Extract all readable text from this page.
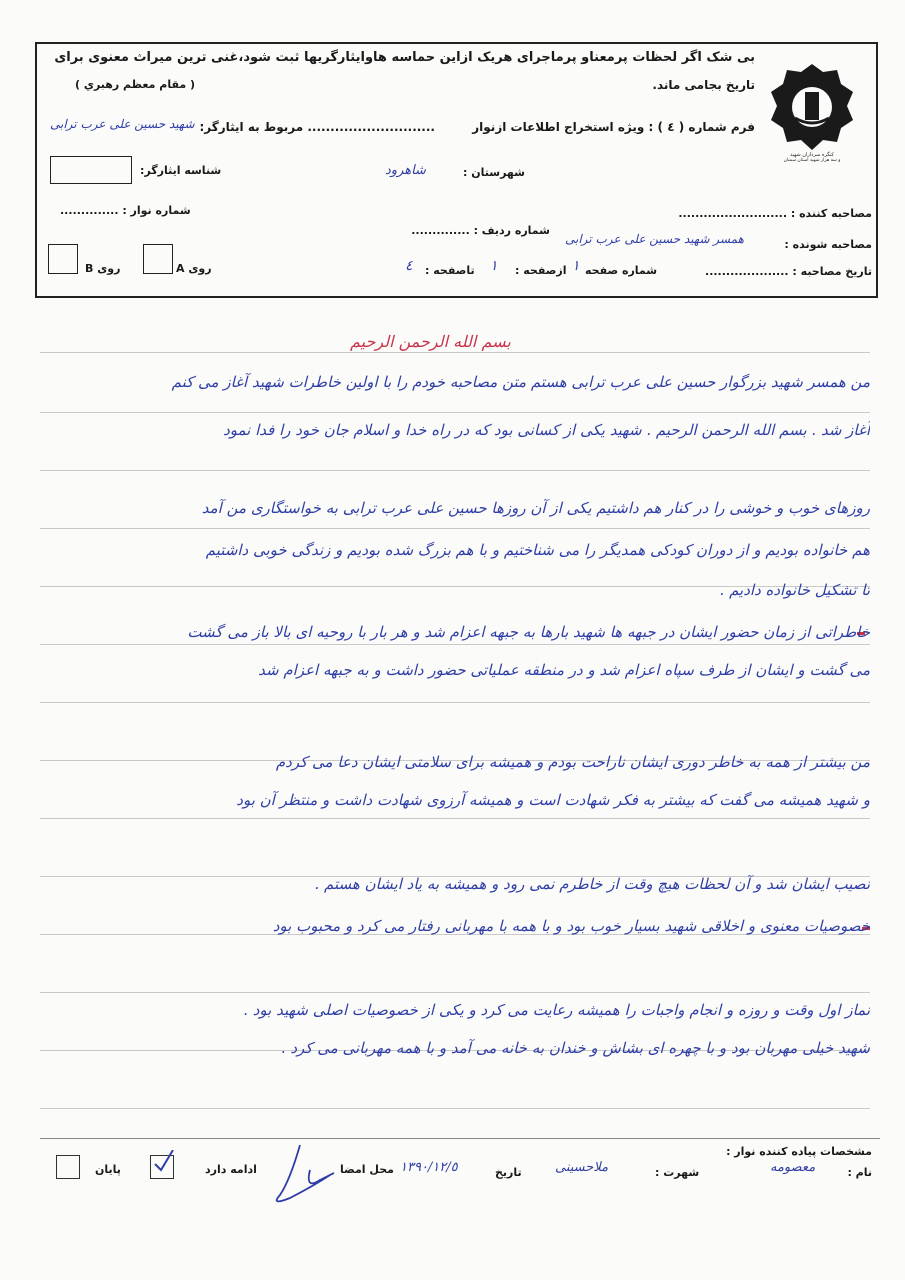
بی شک اگر لحظات پرمعناو پرماجرای هریک ازاین حماسه هاوایثارگریها ثبت شود،غنی ترین میراث معنوی برای
تاریخ بجامی ماند.
( مقام معظم رهبري )
کنگره سرداران شهید
و سه هزار شهید استان سمنان
فرم شماره ( ٤ ) : ویژه استخراج اطلاعات ازنوار
............................ مربوط به ایثارگر:
شهید حسین علی عرب ترابی
شناسه ایثارگر:	شهرستان :
شاهرود
شماره نوار : ..............	مصاحبه کننده : ..........................
شماره ردیف : ..............
مصاحبه شونده :
همسر شهید حسین علی عرب ترابی
تاریخ مصاحبه : ....................
شماره صفحه
١
ازصفحه :
١
تاصفحه :
٤
روی A
روی B
بسم الله الرحمن الرحیم
من همسر شهید بزرگوار حسین علی عرب ترابی هستم متن مصاحبه خودم را با اولین خاطرات شهید آغاز می کنم
آغاز شد . بسم الله الرحمن الرحیم . شهید یکی از کسانی بود که در راه خدا و اسلام جان خود را فدا نمود
روزهای خوب و خوشی را در کنار هم داشتیم یکی از آن روزها حسین علی عرب ترابی به خواستگاری من آمد
هم خانواده بودیم و از دوران کودکی همدیگر را می شناختیم و با هم بزرگ شده بودیم و زندگی خوبی داشتیم
تا تشکیل خانواده دادیم .
خاطراتی از زمان حضور ایشان در جبهه ها شهید بارها به جبهه اعزام شد و هر بار با روحیه ای بالا باز می گشت
می گشت و ایشان از طرف سپاه اعزام شد و در منطقه عملیاتی حضور داشت و به جبهه اعزام شد
من بیشتر از همه به خاطر دوری ایشان ناراحت بودم و همیشه برای سلامتی ایشان دعا می کردم
و شهید همیشه می گفت که بیشتر به فکر شهادت است و همیشه آرزوی شهادت داشت و منتظر آن بود
نصیب ایشان شد و آن لحظات هیچ وقت از خاطرم نمی رود و همیشه به یاد ایشان هستم .
خصوصیات معنوی و اخلاقی شهید بسیار خوب بود و با همه با مهربانی رفتار می کرد و محبوب بود
نماز اول وقت و روزه و انجام واجبات را همیشه رعایت می کرد و یکی از خصوصیات اصلی شهید بود .
شهید خیلی مهربان بود و با چهره ای بشاش و خندان به خانه می آمد و با همه مهربانی می کرد .
مشخصات پیاده کننده نوار :
نام :
معصومه
شهرت :
ملاحسینی
تاریخ
١٣٩٠/١٢/٥
محل امضا
ادامه دارد
پایان
